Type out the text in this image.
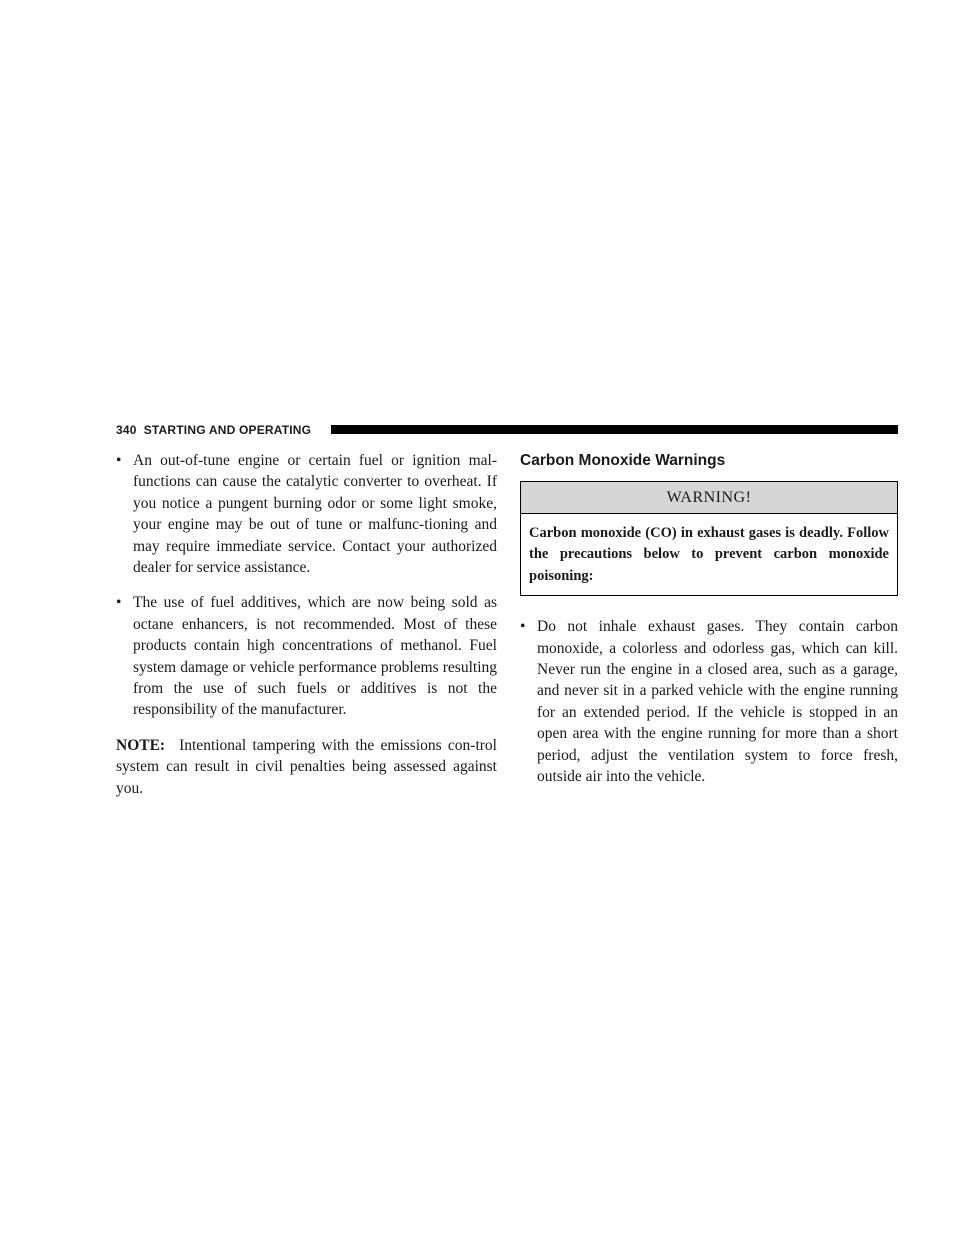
340 STARTING AND OPERATING
• An out-of-tune engine or certain fuel or ignition mal-functions can cause the catalytic converter to overheat. If you notice a pungent burning odor or some light smoke, your engine may be out of tune or malfunc-tioning and may require immediate service. Contact your authorized dealer for service assistance.

• The use of fuel additives, which are now being sold as octane enhancers, is not recommended. Most of these products contain high concentrations of methanol. Fuel system damage or vehicle performance problems resulting from the use of such fuels or additives is not the responsibility of the manufacturer.

NOTE: Intentional tampering with the emissions con-trol system can result in civil penalties being assessed against you.

Carbon Monoxide Warnings
WARNING!

Carbon monoxide (CO) in exhaust gases is deadly. Follow the precautions below to prevent carbon monoxide poisoning:

• Do not inhale exhaust gases. They contain carbon monoxide, a colorless and odorless gas, which can kill. Never run the engine in a closed area, such as a garage, and never sit in a parked vehicle with the engine running for an extended period. If the vehicle is stopped in an open area with the engine running for more than a short period, adjust the ventilation system to force fresh, outside air into the vehicle.
